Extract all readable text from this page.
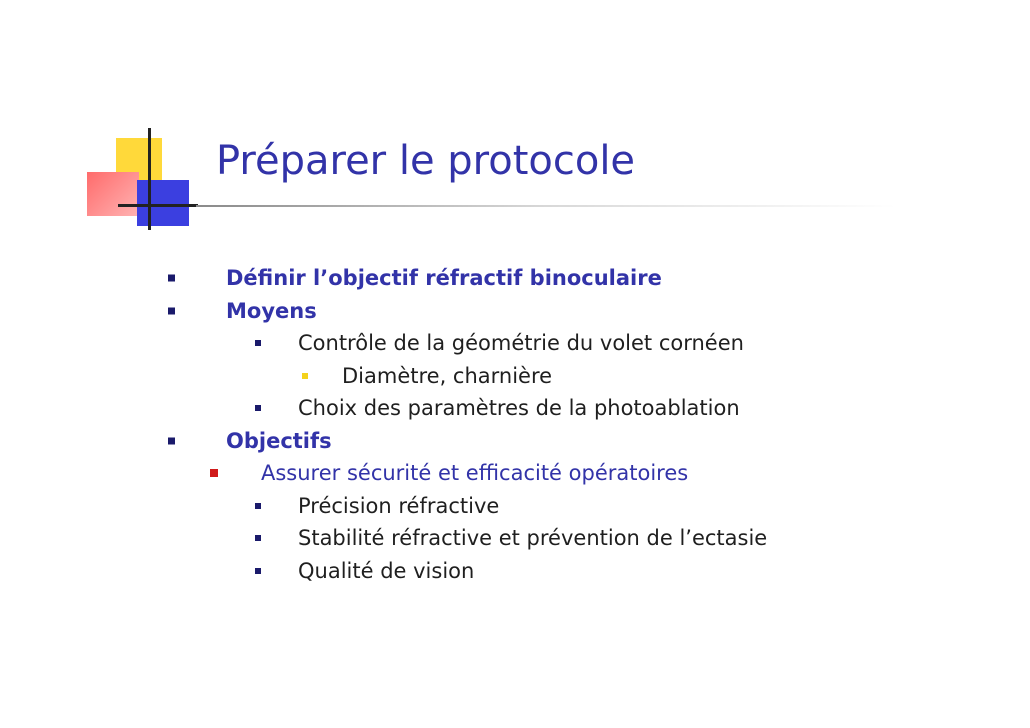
Préparer le protocole
Définir l’objectif réfractif binoculaire
Moyens
Contrôle de la géométrie du volet cornéen
Diamètre, charnière
Choix des paramètres de la photoablation
Objectifs
Assurer sécurité et efficacité opératoires
Précision réfractive
Stabilité réfractive et prévention de l’ectasie
Qualité de vision
